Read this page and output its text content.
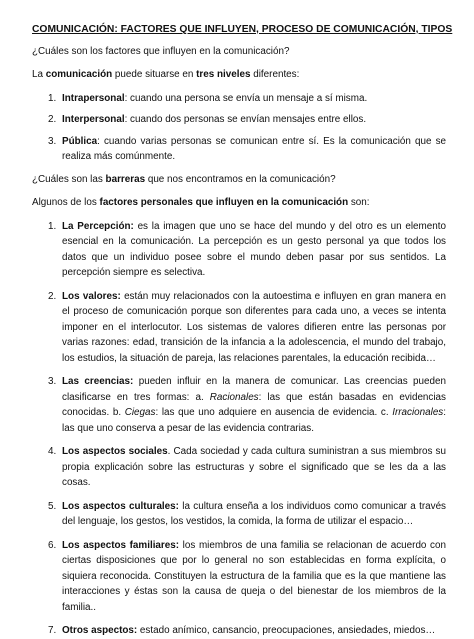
COMUNICACIÓN: FACTORES QUE INFLUYEN, PROCESO DE COMUNICACIÓN, TIPOS

¿Cuáles son los factores que influyen en la comunicación?

La comunicación puede situarse en tres niveles diferentes:

1. Intrapersonal: cuando una persona se envía un mensaje a sí misma.
2. Interpersonal: cuando dos personas se envían mensajes entre ellos.
3. Pública: cuando varias personas se comunican entre sí. Es la comunicación que se realiza más comúnmente.

¿Cuáles son las barreras que nos encontramos en la comunicación?

Algunos de los factores personales que influyen en la comunicación son:

1. La Percepción: es la imagen que uno se hace del mundo y del otro es un elemento esencial en la comunicación. La percepción es un gesto personal ya que todos los datos que un individuo posee sobre el mundo deben pasar por sus sentidos. La percepción siempre es selectiva.
2. Los valores: están muy relacionados con la autoestima e influyen en gran manera en el proceso de comunicación porque son diferentes para cada uno, a veces se intenta imponer en el interlocutor. Los sistemas de valores difieren entre las personas por varias razones: edad, transición de la infancia a la adolescencia, el mundo del trabajo, los estudios, la situación de pareja, las relaciones parentales, la educación recibida…
3. Las creencias: pueden influir en la manera de comunicar. Las creencias pueden clasificarse en tres formas: a. Racionales: las que están basadas en evidencias conocidas. b. Ciegas: las que uno adquiere en ausencia de evidencia. c. Irracionales: las que uno conserva a pesar de las evidencia contrarias.
4. Los aspectos sociales. Cada sociedad y cada cultura suministran a sus miembros su propia explicación sobre las estructuras y sobre el significado que se les da a las cosas.
5. Los aspectos culturales: la cultura enseña a los individuos como comunicar a través del lenguaje, los gestos, los vestidos, la comida, la forma de utilizar el espacio…
6. Los aspectos familiares: los miembros de una familia se relacionan de acuerdo con ciertas disposiciones que por lo general no son establecidas en forma explícita, o siquiera reconocida. Constituyen la estructura de la familia que es la que mantiene las interacciones y éstas son la causa de queja o del bienestar de los miembros de la familia..
7. Otros aspectos: estado anímico, cansancio, preocupaciones, ansiedades, miedos…
